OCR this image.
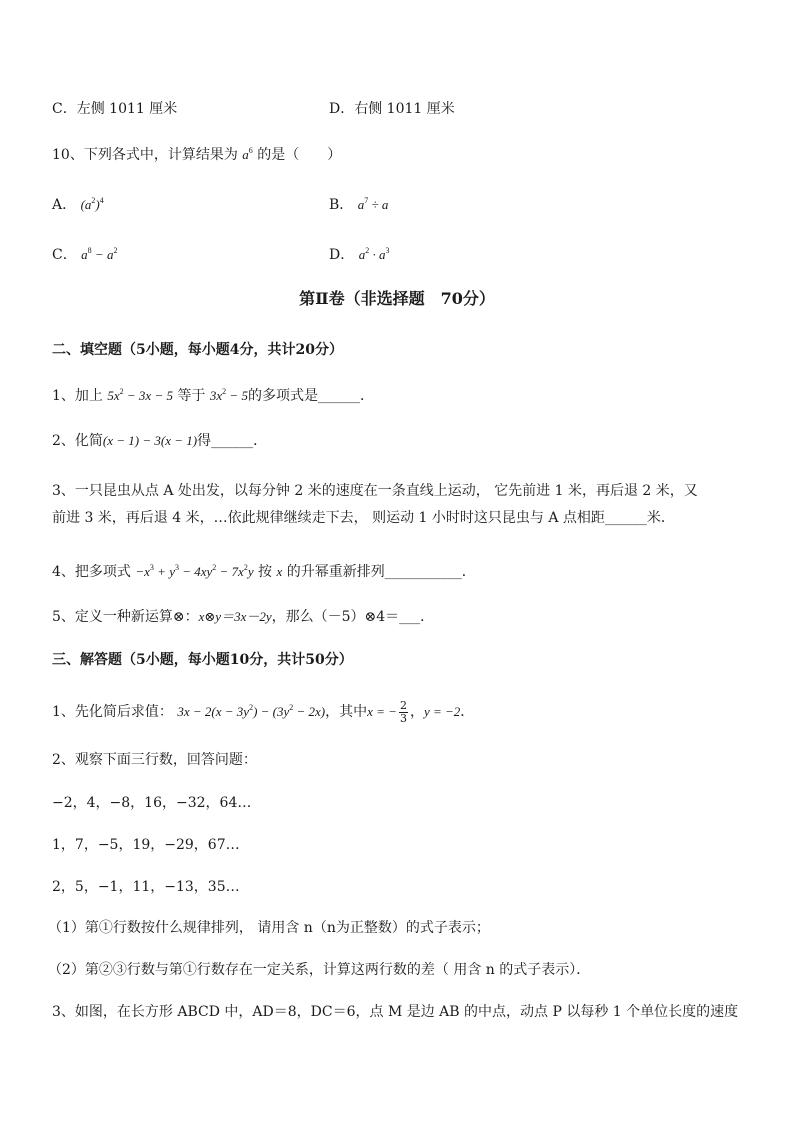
C．左侧 1011 厘米	D．右侧 1011 厘米
10、下列各式中，计算结果为 $a^6$ 的是（　　）
A． $(a^2)^4$	B． $a^7 \div a$
C． $a^8 - a^2$	D． $a^2 \cdot a^3$
第Ⅱ卷（非选择题　70分）
二、填空题（5小题，每小题4分，共计20分）
1、加上 $5x^2 - 3x - 5$ 等于 $3x^2 - 5$的多项式是______．
2、化简(x − 1) − 3(x − 1)得______．
3、一只昆虫从点 A 处出发，以每分钟 2 米的速度在一条直线上运动， 它先前进 1 米，再后退 2 米，又
前进 3 米，再后退 4 米，…依此规律继续走下去， 则运动 1 小时时这只昆虫与 A 点相距______米．
4、把多项式 $-x^3 + y^3 - 4xy^2 - 7x^2y$ 按 x 的升幂重新排列___________．
5、定义一种新运算⊗：x⊗y＝3x－2y，那么（－5）⊗4＝___．
三、解答题（5小题，每小题10分，共计50分）
1、先化简后求值： $3x - 2(x - 3y^2) - (3y^2 - 2x)$，其中x = − $\frac{2}{3}$ ，y = −2．
2、观察下面三行数，回答问题：
−2，4，−8，16，−32，64…
1，7，−5，19，−29，67…
2，5，−1，11，−13，35…
（1）第①行数按什么规律排列， 请用含 n（n为正整数）的式子表示；
（2）第②③行数与第①行数存在一定关系，计算这两行数的差（ 用含 n 的式子表示）．
3、如图，在长方形 ABCD 中，AD＝8，DC＝6，点 M 是边 AB 的中点，动点 P 以每秒 1 个单位长度的速度
